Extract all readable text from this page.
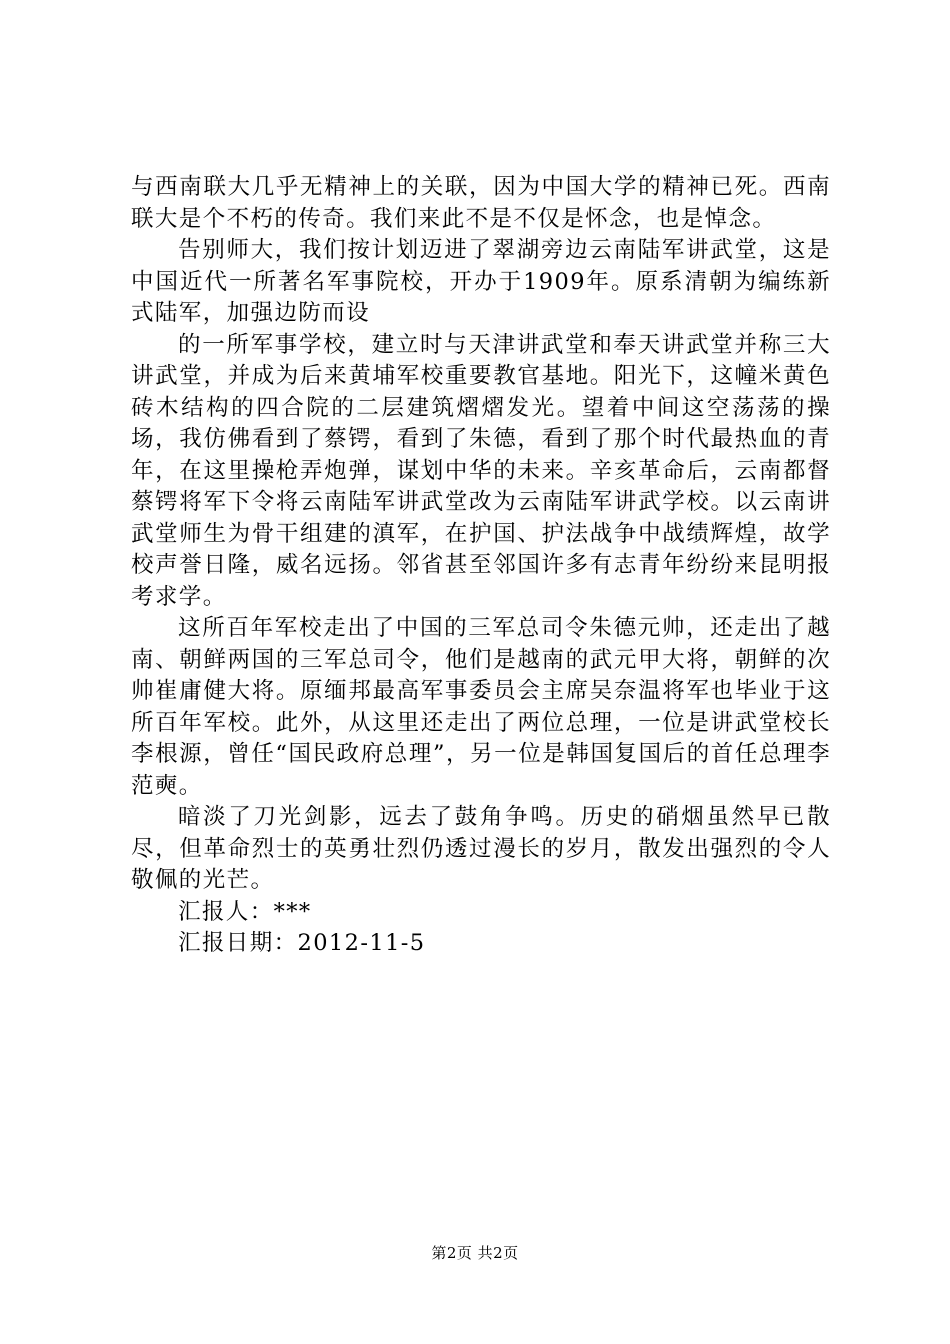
与西南联大几乎无精神上的关联，因为中国大学的精神已死。西南联大是个不朽的传奇。我们来此不是不仅是怀念，也是悼念。

告别师大，我们按计划迈进了翠湖旁边云南陆军讲武堂，这是中国近代一所著名军事院校，开办于1909年。原系清朝为编练新式陆军，加强边防而设

的一所军事学校，建立时与天津讲武堂和奉天讲武堂并称三大讲武堂，并成为后来黄埔军校重要教官基地。阳光下，这幢米黄色砖木结构的四合院的二层建筑熠熠发光。望着中间这空荡荡的操场，我仿佛看到了蔡锷，看到了朱德，看到了那个时代最热血的青年，在这里操枪弄炮弹，谋划中华的未来。辛亥革命后，云南都督蔡锷将军下令将云南陆军讲武堂改为云南陆军讲武学校。以云南讲武堂师生为骨干组建的滇军，在护国、护法战争中战绩辉煌，故学校声誉日隆，威名远扬。邻省甚至邻国许多有志青年纷纷来昆明报考求学。

这所百年军校走出了中国的三军总司令朱德元帅，还走出了越南、朝鲜两国的三军总司令，他们是越南的武元甲大将，朝鲜的次帅崔庸健大将。原缅邦最高军事委员会主席吴奈温将军也毕业于这所百年军校。此外，从这里还走出了两位总理，一位是讲武堂校长李根源，曾任“国民政府总理”，另一位是韩国复国后的首任总理李范奭。

暗淡了刀光剑影，远去了鼓角争鸣。历史的硝烟虽然早已散尽，但革命烈士的英勇壮烈仍透过漫长的岁月，散发出强烈的令人敬佩的光芒。

汇报人：***

汇报日期：2012-11-5

第2页 共2页
